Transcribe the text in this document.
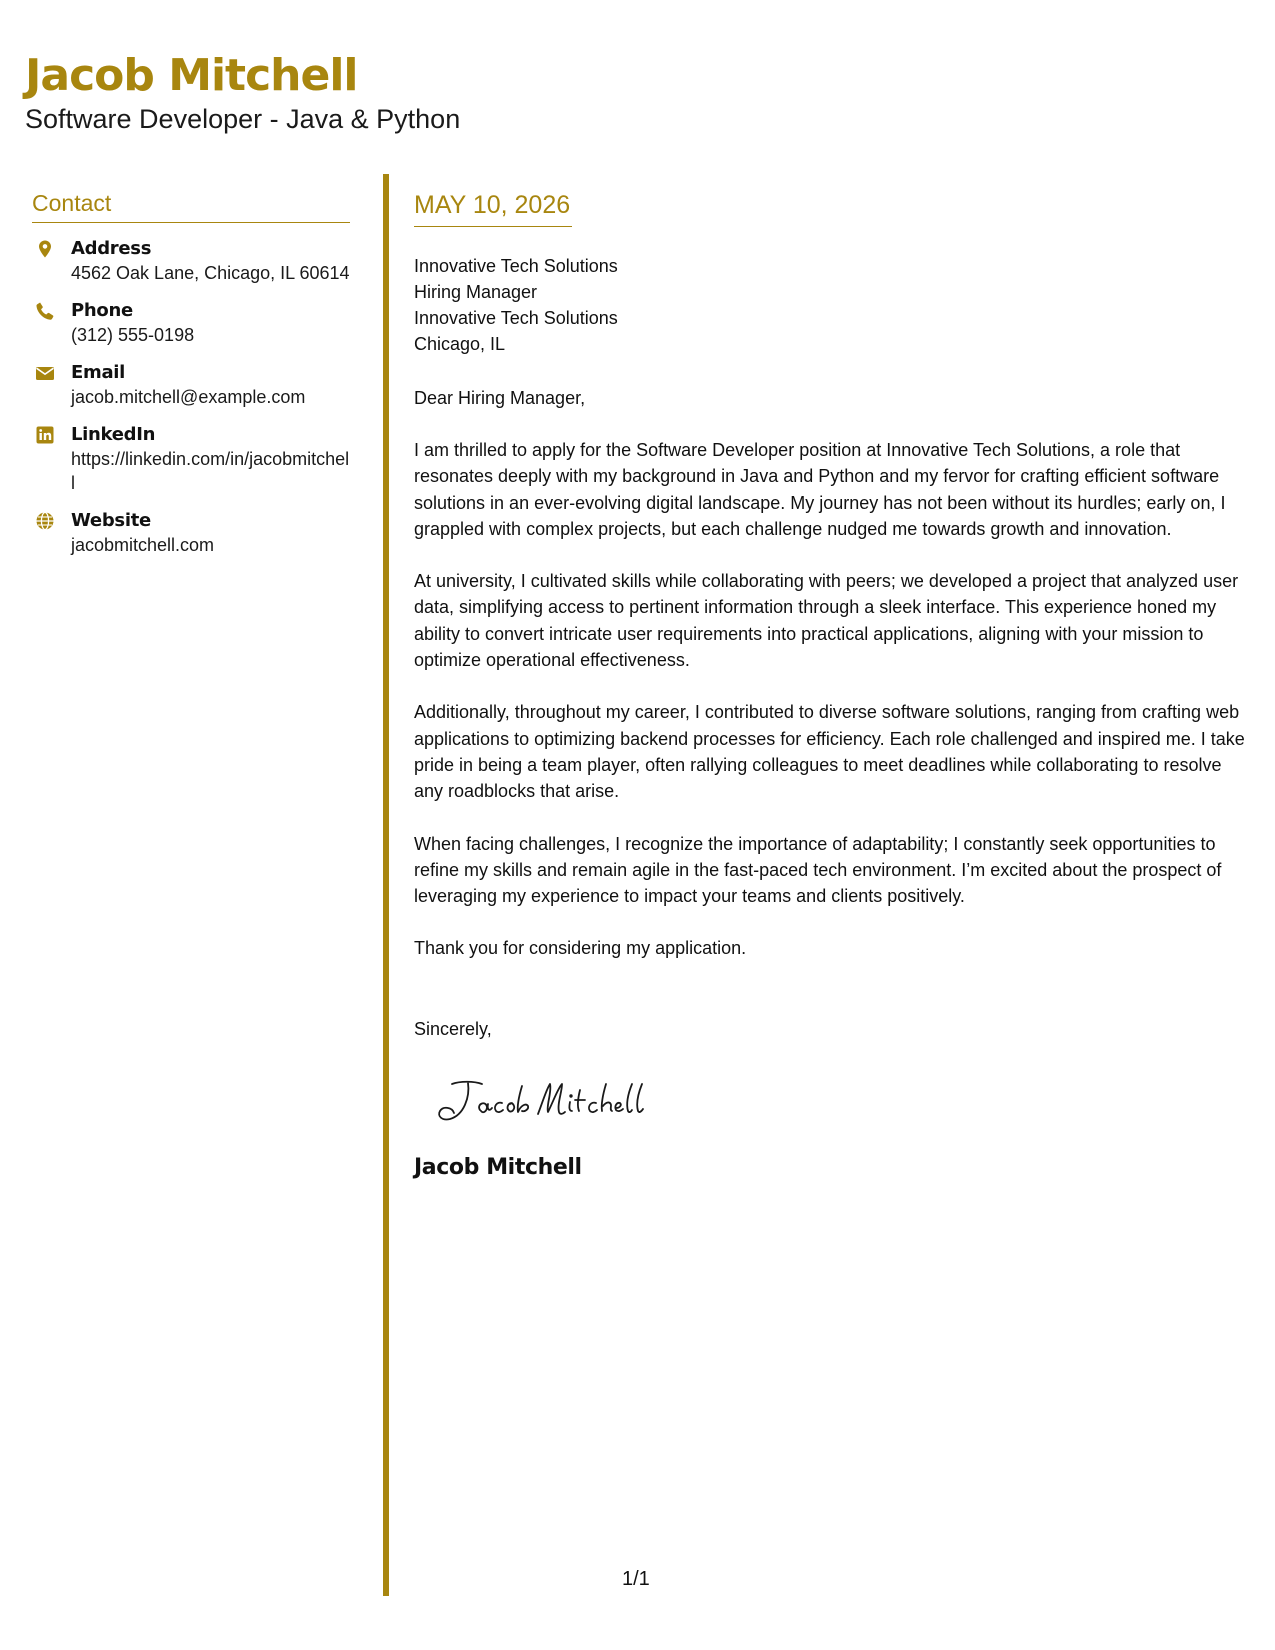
Jacob Mitchell
Software Developer - Java & Python
Contact
Address
4562 Oak Lane, Chicago, IL 60614
Phone
(312) 555-0198
Email
jacob.mitchell@example.com
LinkedIn
https://linkedin.com/in/jacobmitchell
Website
jacobmitchell.com
MAY 10, 2026
Innovative Tech Solutions
Hiring Manager
Innovative Tech Solutions
Chicago, IL
Dear Hiring Manager,
I am thrilled to apply for the Software Developer position at Innovative Tech Solutions, a role that resonates deeply with my background in Java and Python and my fervor for crafting efficient software solutions in an ever-evolving digital landscape. My journey has not been without its hurdles; early on, I grappled with complex projects, but each challenge nudged me towards growth and innovation.
At university, I cultivated skills while collaborating with peers; we developed a project that analyzed user data, simplifying access to pertinent information through a sleek interface. This experience honed my ability to convert intricate user requirements into practical applications, aligning with your mission to optimize operational effectiveness.
Additionally, throughout my career, I contributed to diverse software solutions, ranging from crafting web applications to optimizing backend processes for efficiency. Each role challenged and inspired me. I take pride in being a team player, often rallying colleagues to meet deadlines while collaborating to resolve any roadblocks that arise.
When facing challenges, I recognize the importance of adaptability; I constantly seek opportunities to refine my skills and remain agile in the fast-paced tech environment. I’m excited about the prospect of leveraging my experience to impact your teams and clients positively.
Thank you for considering my application.
Sincerely,
Jacob Mitchell
1/1
